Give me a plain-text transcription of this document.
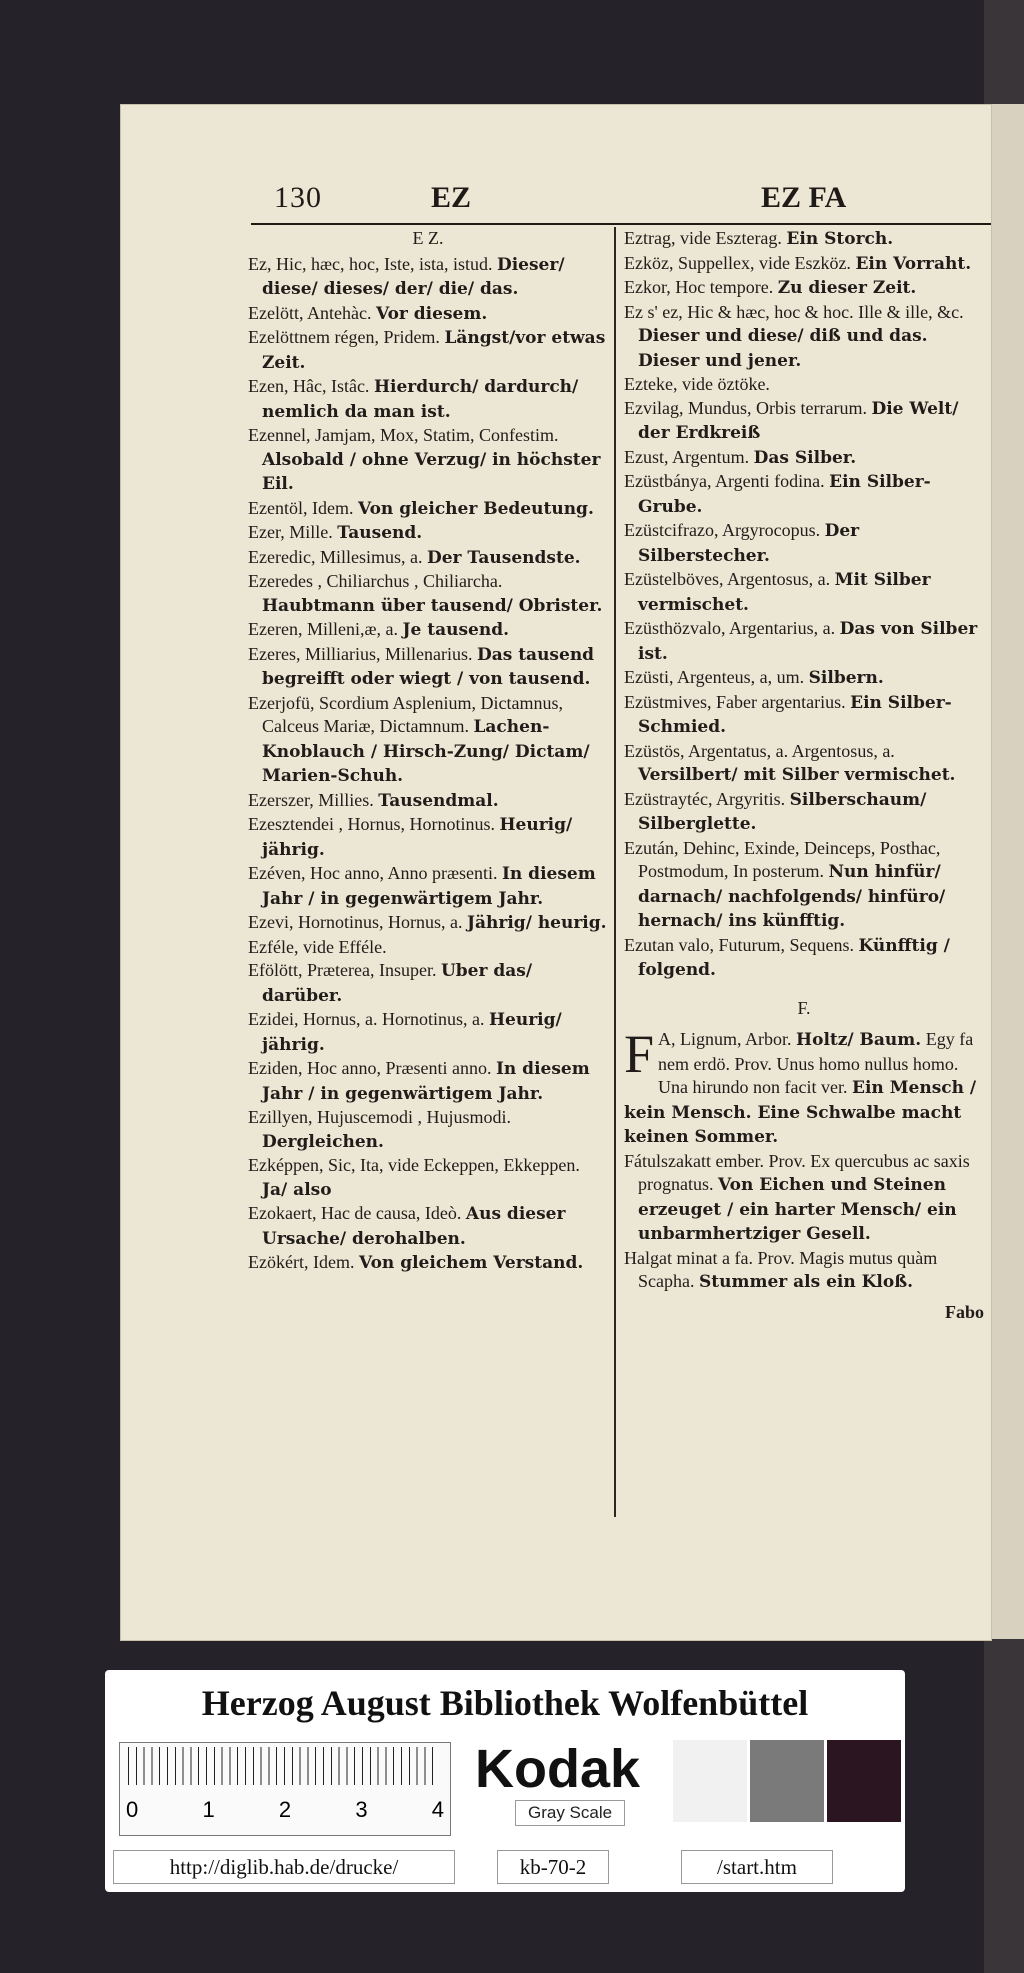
130	EZ	EZ FA
E Z.

Ez, Hic, hæc, hoc, Iste, ista, istud. Dieser/ diese/ dieses/ der/ die/ das.

Ezelött, Antehàc. Vor diesem.

Ezelöttnem régen, Pridem. Längst/vor etwas Zeit.

Ezen, Hâc, Istâc. Hierdurch/ dardurch/ nemlich da man ist.

Ezennel, Jamjam, Mox, Statim, Confestim. Alsobald / ohne Verzug/ in höchster Eil.

Ezentöl, Idem. Von gleicher Bedeutung.

Ezer, Mille. Tausend.

Ezeredic, Millesimus, a. Der Tausendste.

Ezeredes , Chiliarchus , Chiliarcha. Haubtmann über tausend/ Obrister.

Ezeren, Milleni,æ, a. Je tausend.

Ezeres, Milliarius, Millenarius. Das tausend begreifft oder wiegt / von tausend.

Ezerjofü, Scordium Asplenium, Dictamnus, Calceus Mariæ, Dictamnum. Lachen-Knoblauch / Hirsch-Zung/ Dictam/ Marien-Schuh.

Ezerszer, Millies. Tausendmal.

Ezesztendei , Hornus, Hornotinus. Heurig/ jährig.

Ezéven, Hoc anno, Anno præsenti. In diesem Jahr / in gegenwärtigem Jahr.

Ezevi, Hornotinus, Hornus, a. Jährig/ heurig.

Ezféle, vide Efféle.

Efölött, Præterea, Insuper. Uber das/ darüber.

Ezidei, Hornus, a. Hornotinus, a. Heurig/ jährig.

Eziden, Hoc anno, Præsenti anno. In diesem Jahr / in gegenwärtigem Jahr.

Ezillyen, Hujuscemodi , Hujusmodi. Dergleichen.

Ezképpen, Sic, Ita, vide Eckeppen, Ekkeppen. Ja/ also

Ezokaert, Hac de causa, Ideò. Aus dieser Ursache/ derohalben.

Ezökért, Idem. Von gleichem Verstand.

Eztrag, vide Eszterag. Ein Storch.

Ezköz, Suppellex, vide Eszköz. Ein Vorraht.

Ezkor, Hoc tempore. Zu dieser Zeit.

Ez s' ez, Hic & hæc, hoc & hoc. Ille & ille, &c. Dieser und diese/ diß und das. Dieser und jener.

Ezteke, vide öztöke.

Ezvilag, Mundus, Orbis terrarum. Die Welt/ der Erdkreiß

Ezust, Argentum. Das Silber.

Ezüstbánya, Argenti fodina. Ein Silber-Grube.

Ezüstcifrazo, Argyrocopus. Der Silberstecher.

Ezüstelböves, Argentosus, a. Mit Silber vermischet.

Ezüsthözvalo, Argentarius, a. Das von Silber ist.

Ezüsti, Argenteus, a, um. Silbern.

Ezüstmives, Faber argentarius. Ein Silber-Schmied.

Ezüstös, Argentatus, a. Argentosus, a. Versilbert/ mit Silber vermischet.

Ezüstraytéc, Argyritis. Silberschaum/ Silberglette.

Ezután, Dehinc, Exinde, Deinceps, Posthac, Postmodum, In posterum. Nun hinfür/ darnach/ nachfolgends/ hinfüro/ hernach/ ins künfftig.

Ezutan valo, Futurum, Sequens. Künfftig / folgend.

F.
F A, Lignum, Arbor. Holtz/ Baum. Egy fa nem erdö. Prov. Unus homo nullus homo. Una hirundo non facit ver. Ein Mensch / kein Mensch. Eine Schwalbe macht keinen Sommer.

Fátulszakatt ember. Prov. Ex quercubus ac saxis prognatus. Von Eichen und Steinen erzeuget / ein harter Mensch/ ein unbarmhertziger Gesell.

Halgat minat a fa. Prov. Magis mutus quàm Scapha. Stummer als ein Kloß.

Fabo
Herzog August Bibliothek Wolfenbüttel
0	1	2	3	4
Kodak
Gray Scale
http://diglib.hab.de/drucke/	kb-70-2	/start.htm
